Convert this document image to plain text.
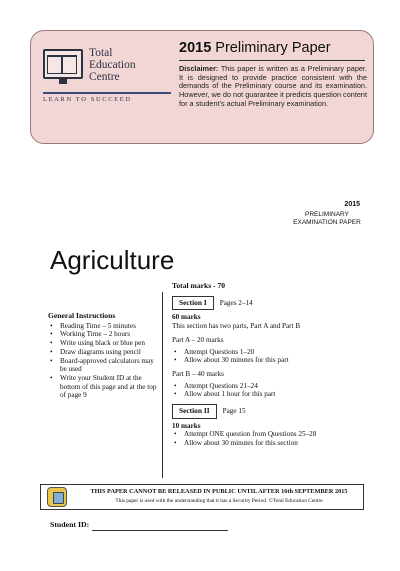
Total
Education
Centre
LEARN TO SUCCEED
2015 Preliminary Paper
Disclaimer: This paper is written as a Preliminary paper. It is designed to provide practice consistent with the demands of the Preliminary course and its examination. However, we do not guarantee it predicts question content for a student's actual Preliminary examination.
2015
PRELIMINARY
EXAMINATION PAPER
Agriculture
General Instructions
• Reading Time – 5 minutes
• Working Time – 2 hours
• Write using black or blue pen
• Draw diagrams using pencil
• Board-approved calculators may be used
• Write your Student ID at the bottom of this page and at the top of page 9
Total marks - 70
Section I	Pages 2–14
60 marks
This section has two parts, Part A and Part B
Part A – 20 marks
• Attempt Questions 1–20
• Allow about 30 minutes for this part
Part B – 40 marks
• Attempt Questions 21–24
• Allow about 1 hour for this part
Section II	Page 15
10 marks
• Attempt ONE question from Questions 25–28
• Allow about 30 minutes for this section
THIS PAPER CANNOT BE RELEASED IN PUBLIC UNTIL AFTER 16th SEPTEMBER 2015
This paper is used with the understanding that it has a Security Period. ©Total Education Centre
Student ID:
